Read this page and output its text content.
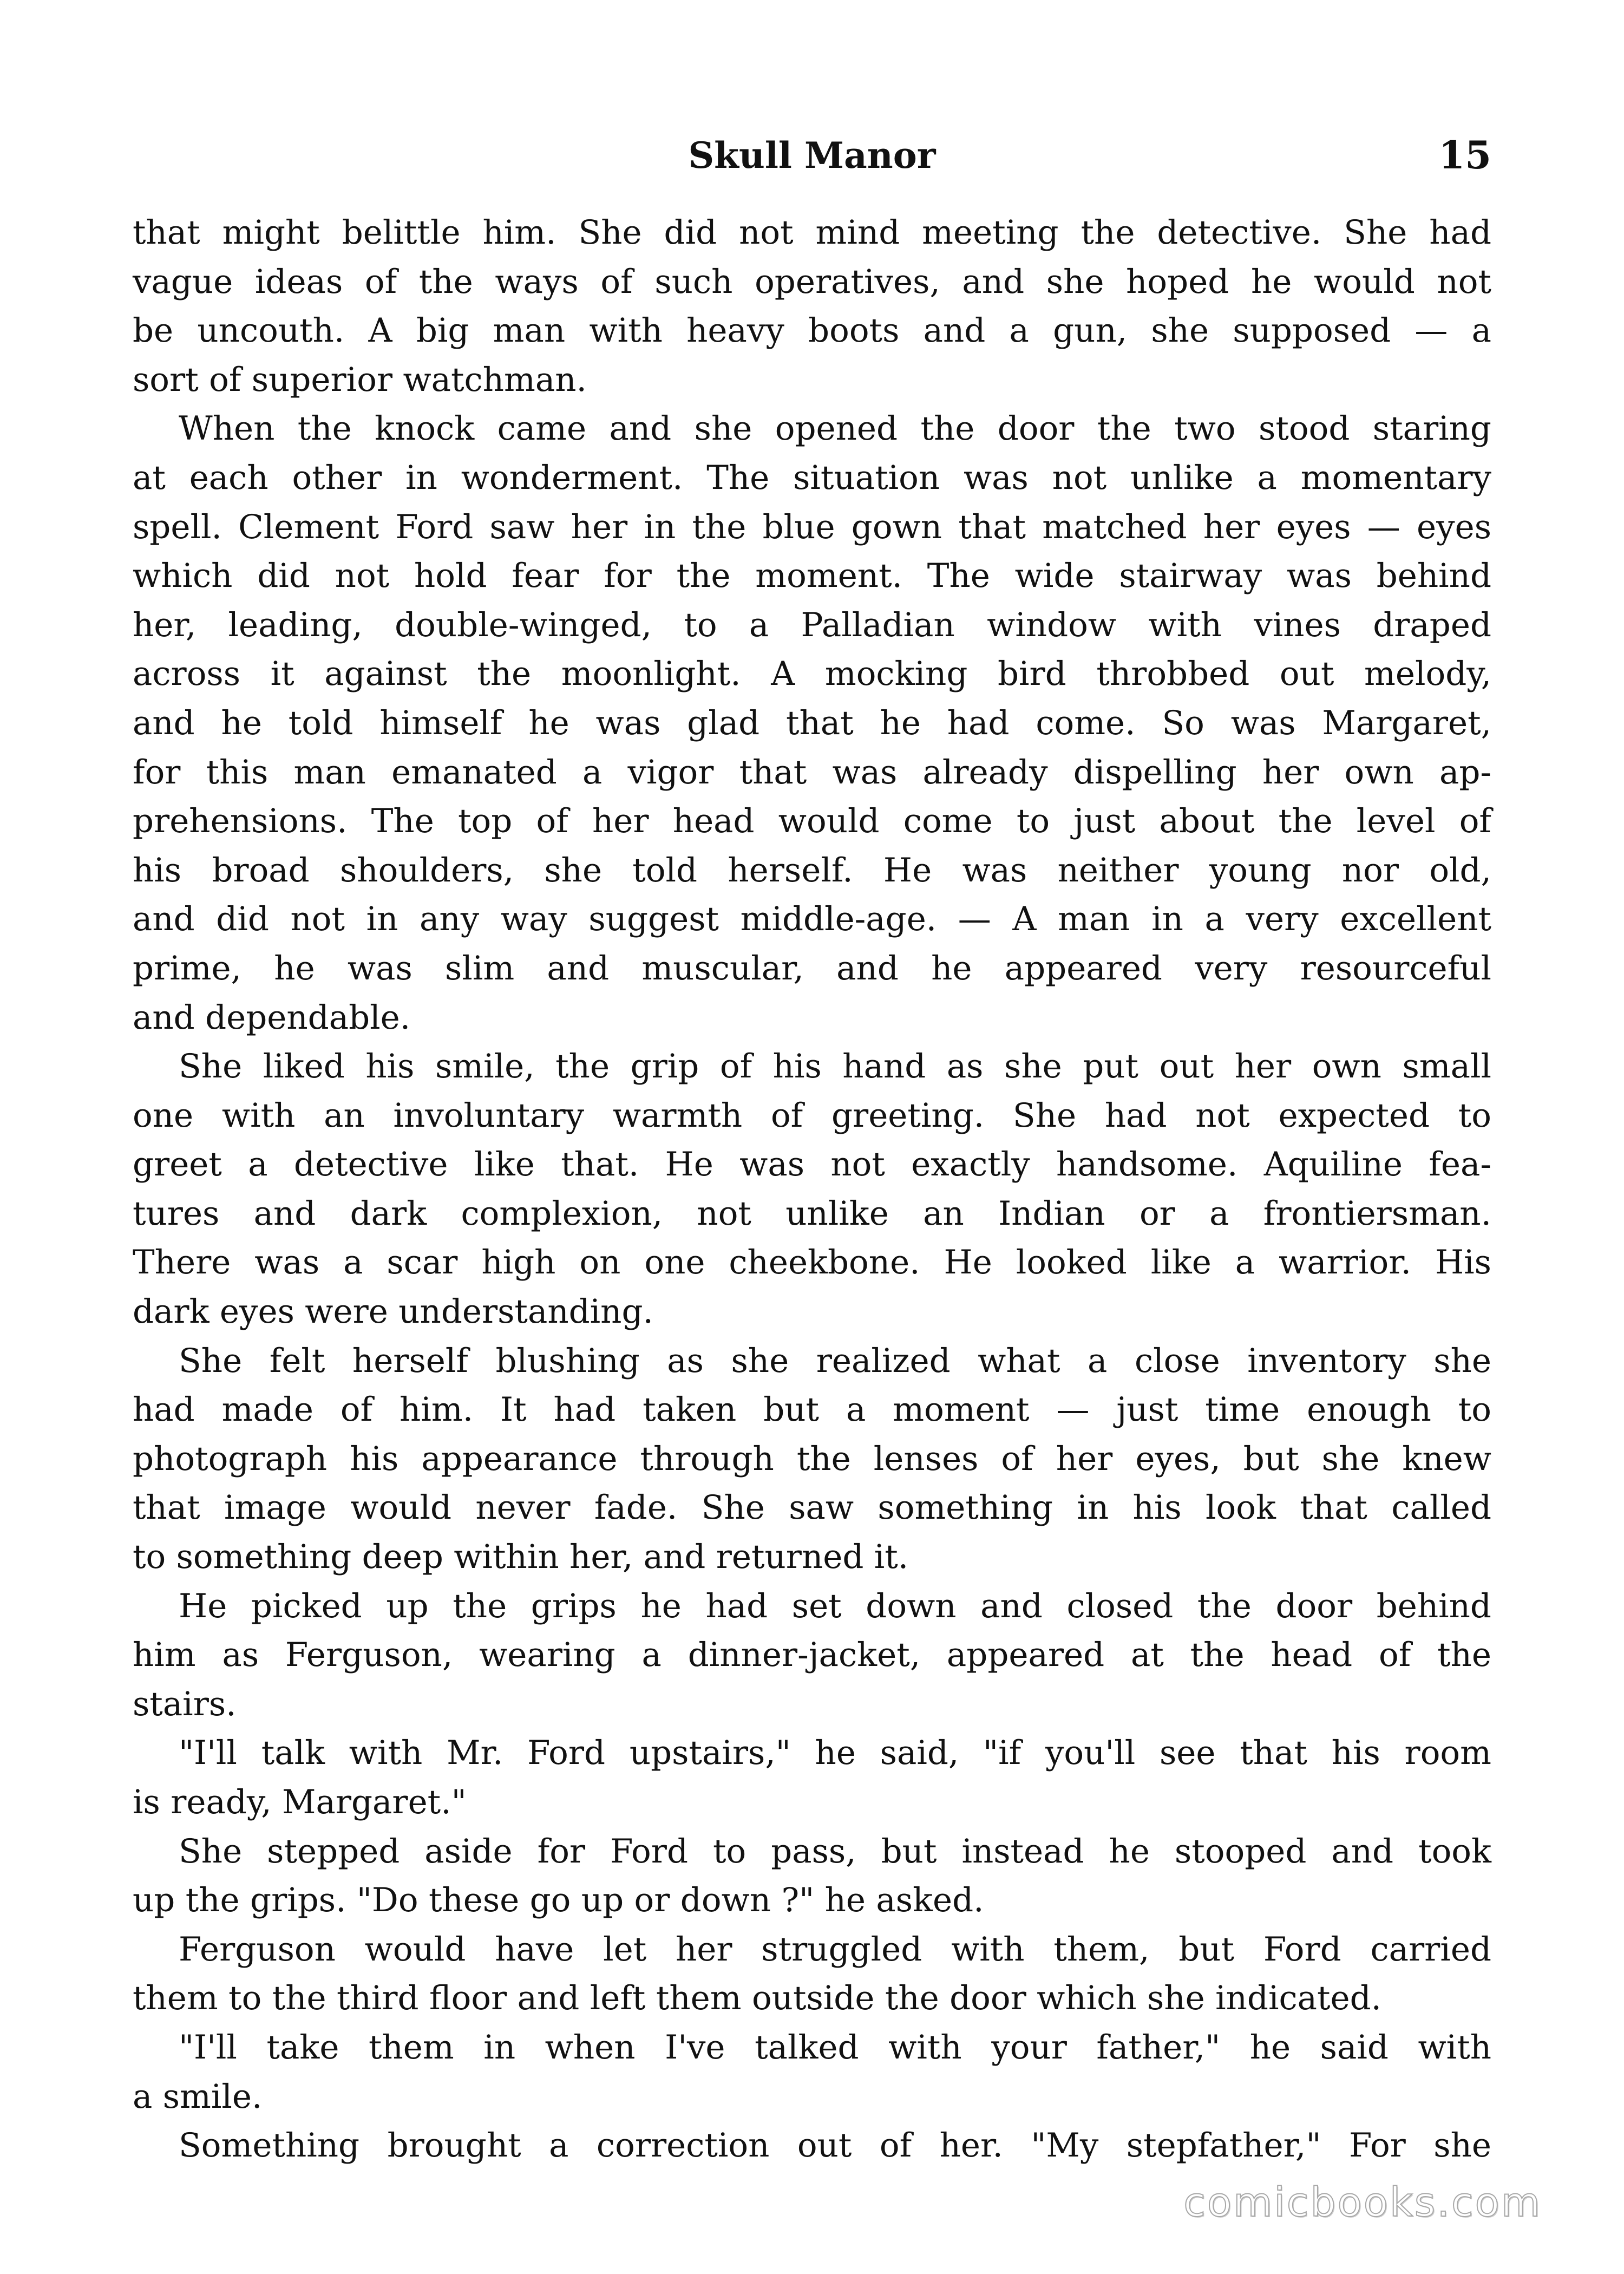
Skull Manor	15
that might belittle him. She did not mind meeting the detective. She had
vague ideas of the ways of such operatives, and she hoped he would not
be uncouth. A big man with heavy boots and a gun, she supposed — a
sort of superior watchman.
When the knock came and she opened the door the two stood staring
at each other in wonderment. The situation was not unlike a momentary
spell. Clement Ford saw her in the blue gown that matched her eyes — eyes
which did not hold fear for the moment. The wide stairway was behind
her, leading, double-winged, to a Palladian window with vines draped
across it against the moonlight. A mocking bird throbbed out melody,
and he told himself he was glad that he had come. So was Margaret,
for this man emanated a vigor that was already dispelling her own ap-
prehensions. The top of her head would come to just about the level of
his broad shoulders, she told herself. He was neither young nor old,
and did not in any way suggest middle-age. — A man in a very excellent
prime, he was slim and muscular, and he appeared very resourceful
and dependable.
She liked his smile, the grip of his hand as she put out her own small
one with an involuntary warmth of greeting. She had not expected to
greet a detective like that. He was not exactly handsome. Aquiline fea-
tures and dark complexion, not unlike an Indian or a frontiersman.
There was a scar high on one cheekbone. He looked like a warrior. His
dark eyes were understanding.
She felt herself blushing as she realized what a close inventory she
had made of him. It had taken but a moment — just time enough to
photograph his appearance through the lenses of her eyes, but she knew
that image would never fade. She saw something in his look that called
to something deep within her, and returned it.
He picked up the grips he had set down and closed the door behind
him as Ferguson, wearing a dinner-jacket, appeared at the head of the
stairs.
"I'll talk with Mr. Ford upstairs," he said, "if you'll see that his room
is ready, Margaret."
She stepped aside for Ford to pass, but instead he stooped and took
up the grips. "Do these go up or down ?" he asked.
Ferguson would have let her struggled with them, but Ford carried
them to the third floor and left them outside the door which she indicated.
"I'll take them in when I've talked with your father," he said with
a smile.
Something brought a correction out of her. "My stepfather," For she
comicbooks.com
